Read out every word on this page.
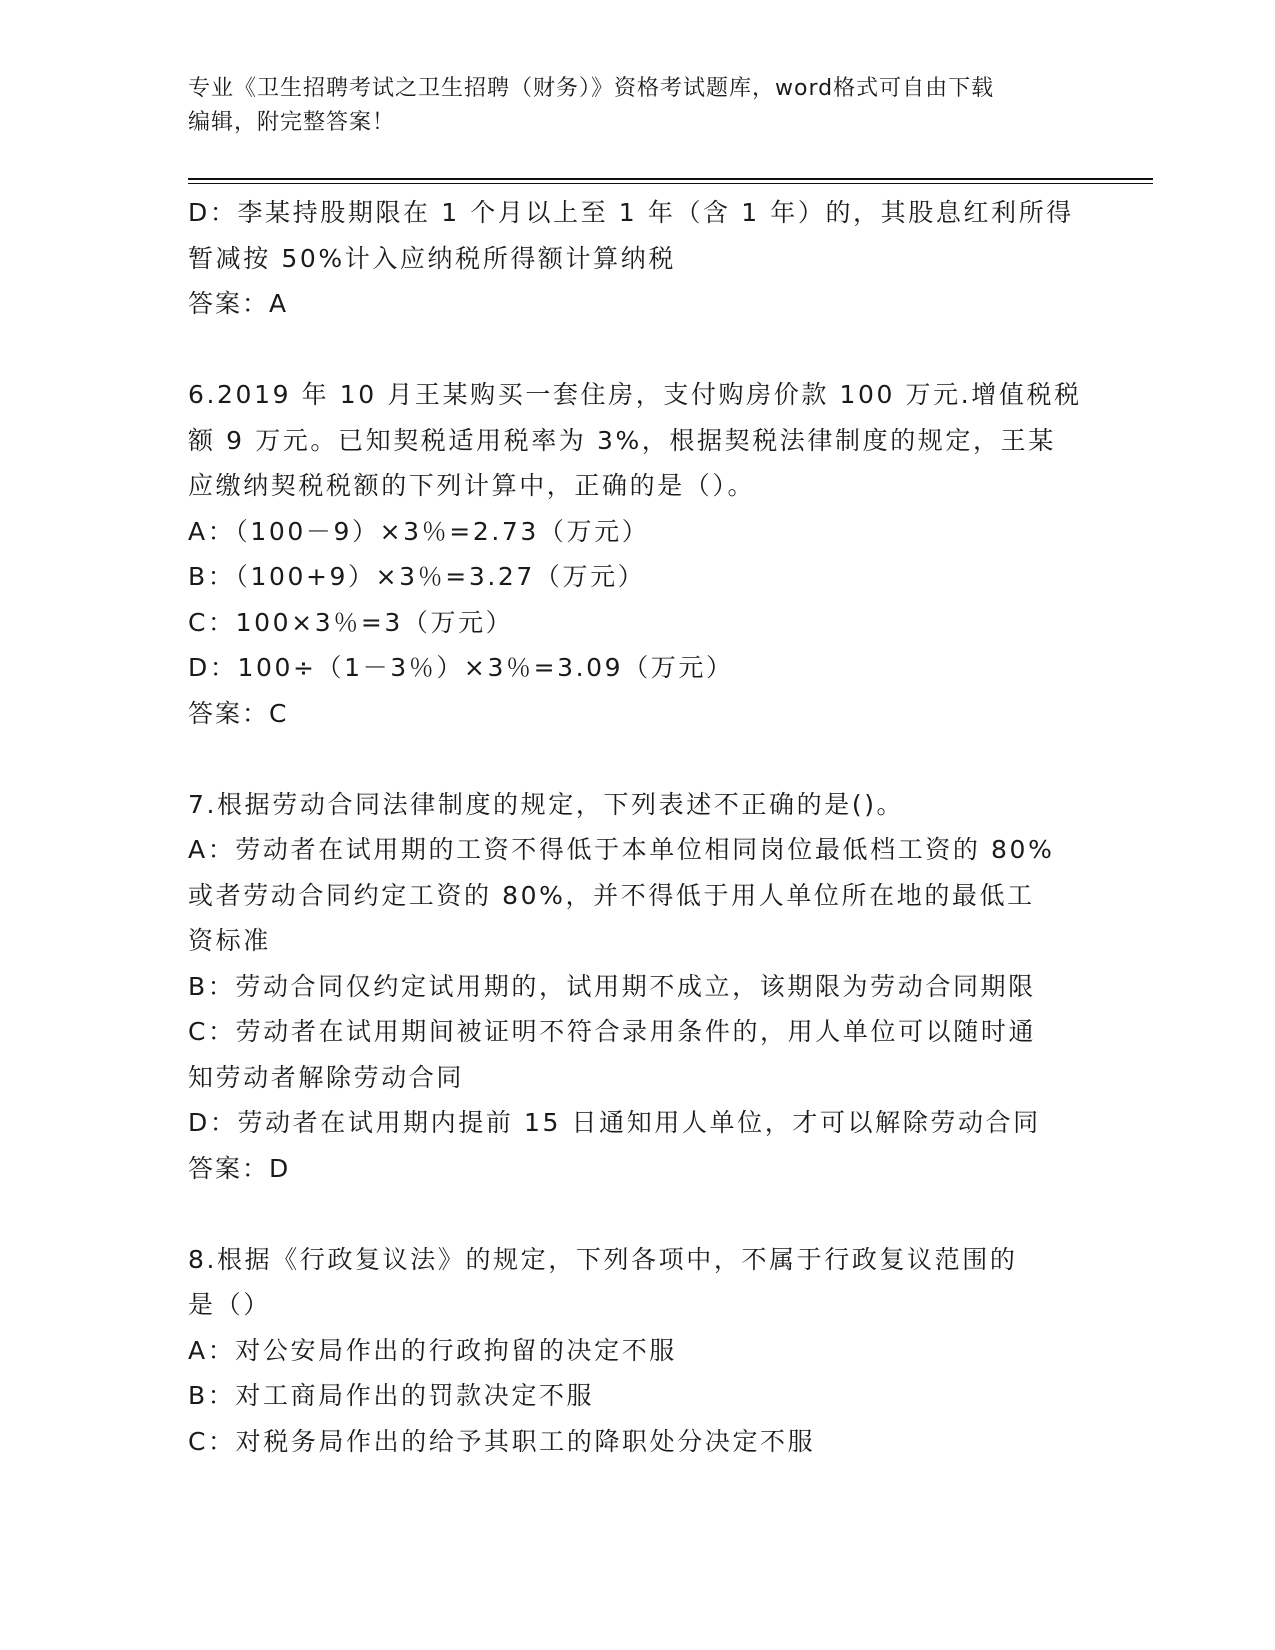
专业《卫生招聘考试之卫生招聘（财务）》资格考试题库，word格式可自由下载
编辑，附完整答案！
D：李某持股期限在 1 个月以上至 1 年（含 1 年）的，其股息红利所得
暂减按 50%计入应纳税所得额计算纳税
答案：A
6.2019 年 10 月王某购买一套住房，支付购房价款 100 万元.增值税税
额 9 万元。已知契税适用税率为 3%，根据契税法律制度的规定，王某
应缴纳契税税额的下列计算中，正确的是（）。
A：（100－9）×3％=2.73（万元）
B：（100+9）×3％=3.27（万元）
C：100×3％=3（万元）
D：100÷（1－3％）×3％=3.09（万元）
答案：C
7.根据劳动合同法律制度的规定，下列表述不正确的是()。
A：劳动者在试用期的工资不得低于本单位相同岗位最低档工资的 80%
或者劳动合同约定工资的 80%，并不得低于用人单位所在地的最低工
资标准
B：劳动合同仅约定试用期的，试用期不成立，该期限为劳动合同期限
C：劳动者在试用期间被证明不符合录用条件的，用人单位可以随时通
知劳动者解除劳动合同
D：劳动者在试用期内提前 15 日通知用人单位，才可以解除劳动合同
答案：D
8.根据《行政复议法》的规定，下列各项中，不属于行政复议范围的
是（）
A：对公安局作出的行政拘留的决定不服
B：对工商局作出的罚款决定不服
C：对税务局作出的给予其职工的降职处分决定不服
